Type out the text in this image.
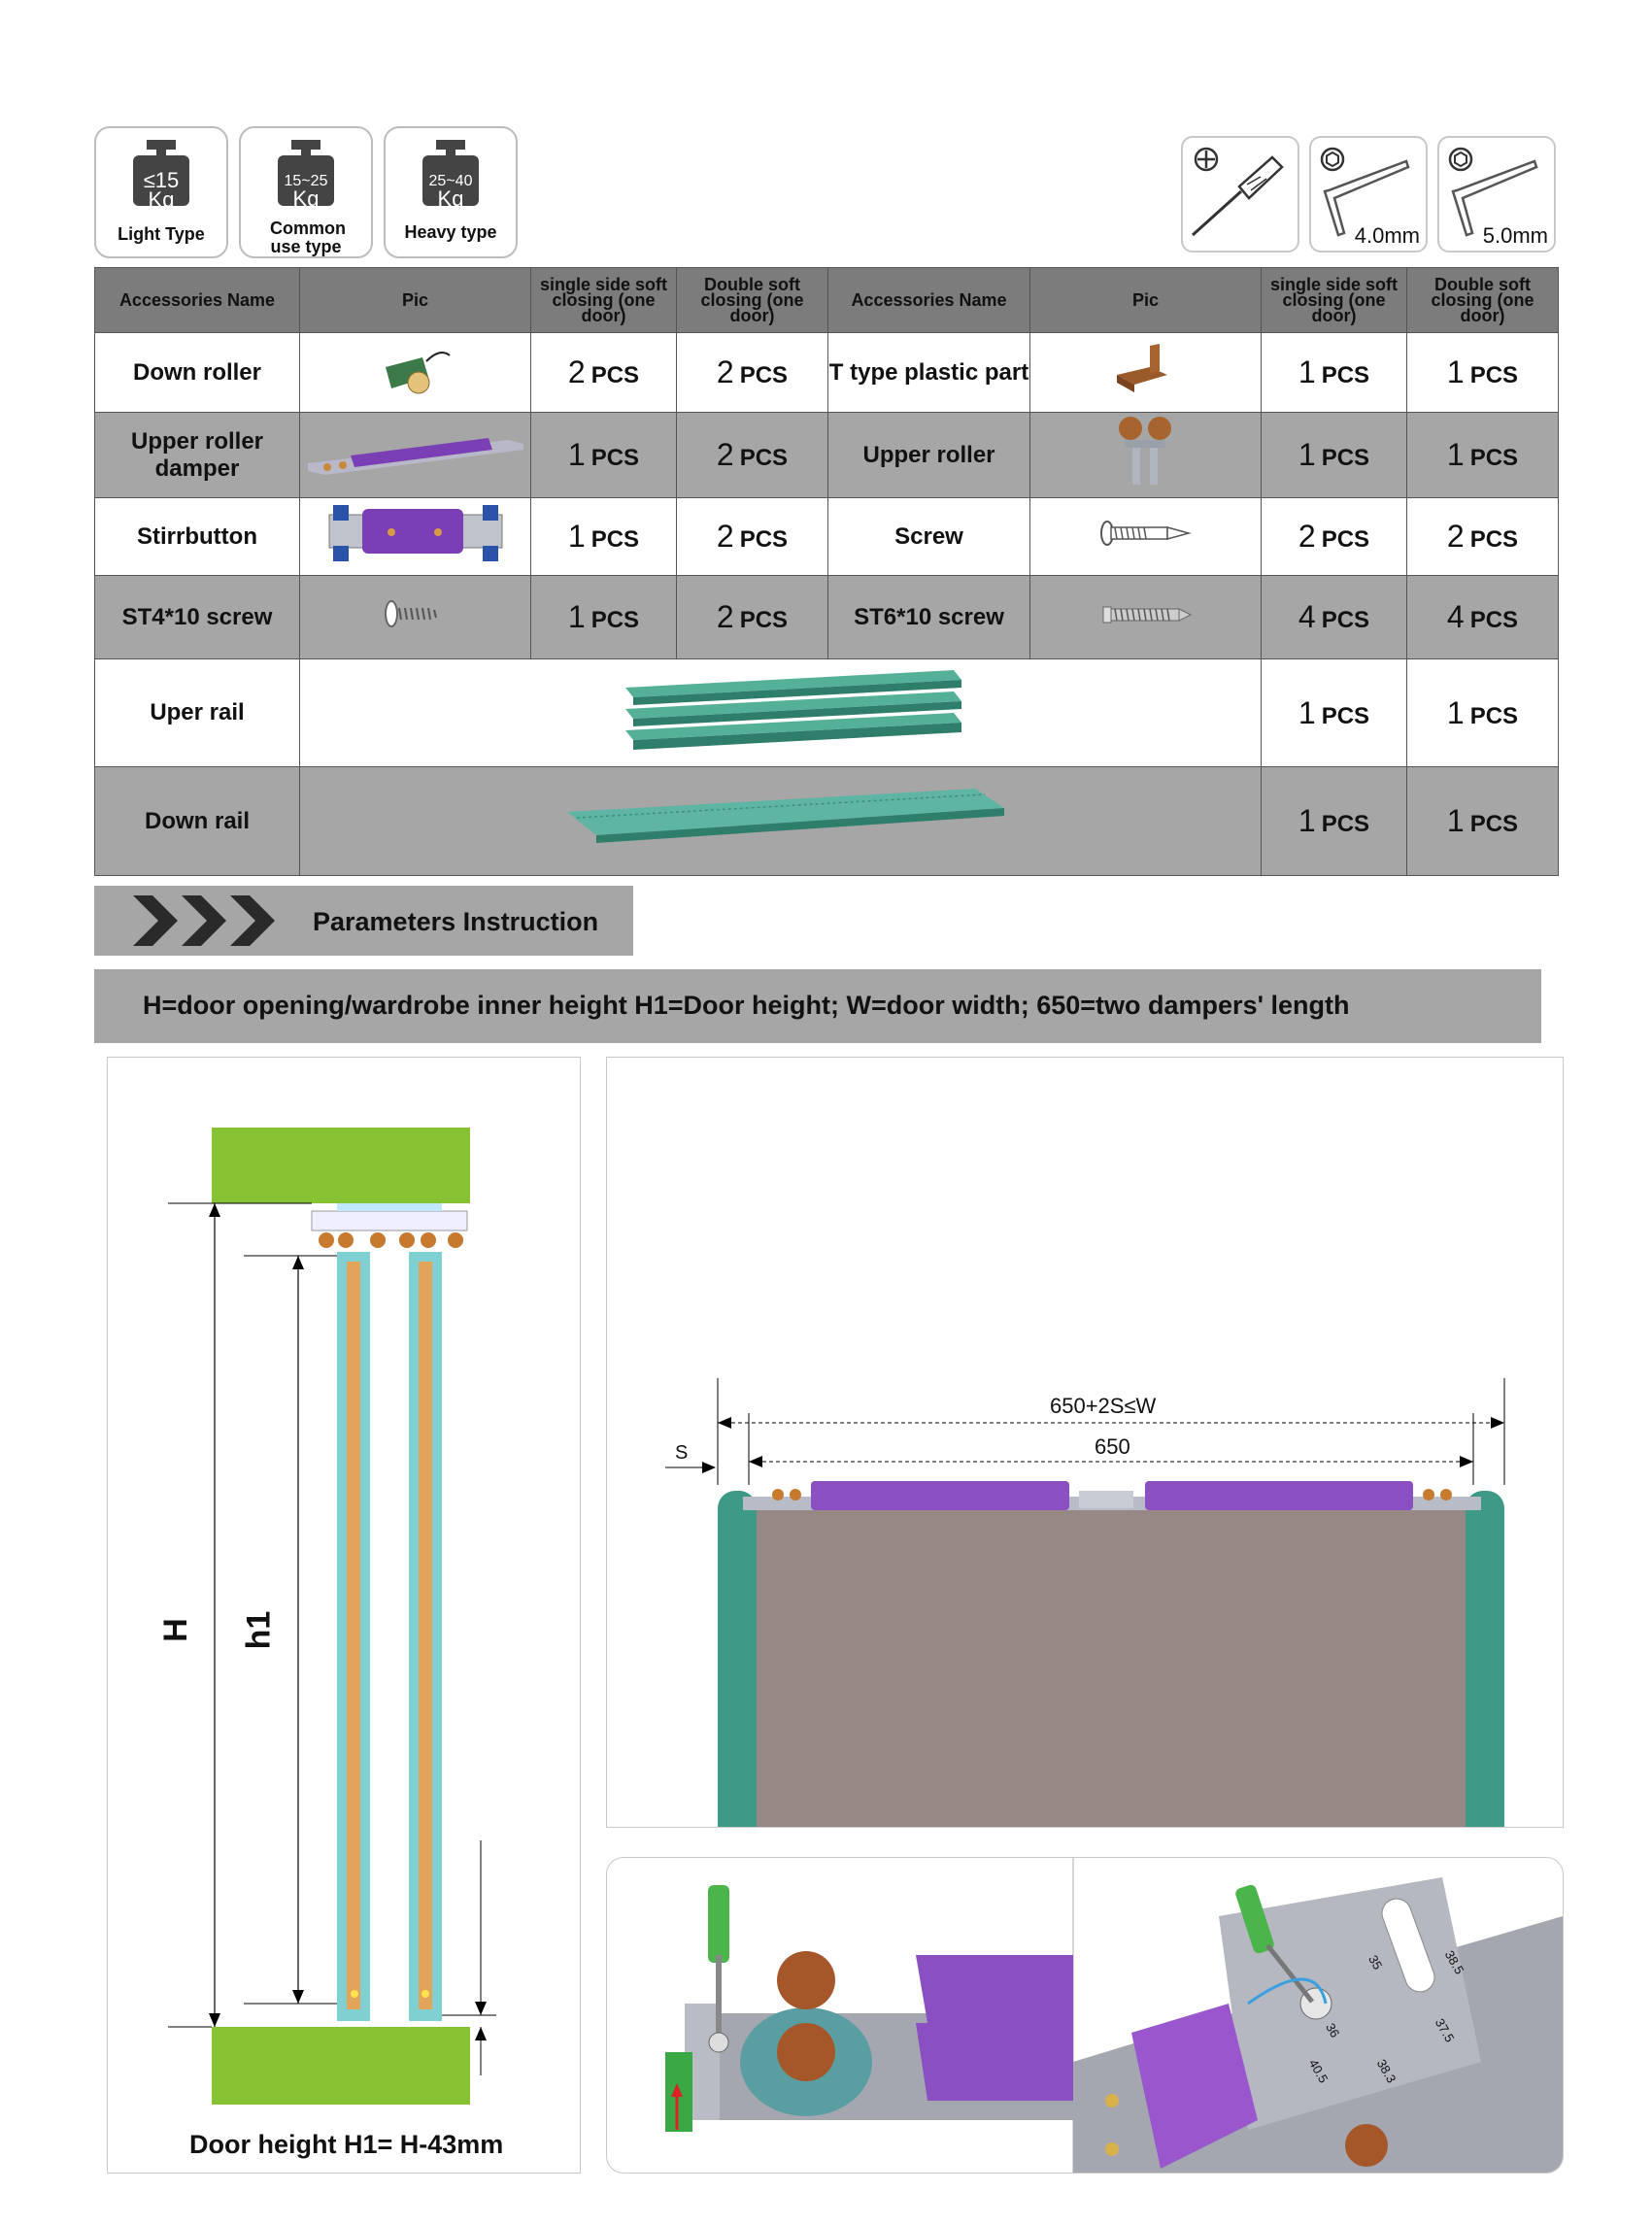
≤15
Kg
Light Type
15~25
Kg
Common use type
25~40
Kg
Heavy type	4.0mm	5.0mm
Accessories Name	Pic	single side soft closing (one door)	Double soft closing (one door)	Accessories Name	Pic	single side soft closing (one door)	Double soft closing (one door)
Down roller		2 PCS	2 PCS	T type plastic part		1 PCS	1 PCS
Upper roller damper		1 PCS	2 PCS	Upper roller		1 PCS	1 PCS
Stirrbutton		1 PCS	2 PCS	Screw		2 PCS	2 PCS
ST4*10 screw		1 PCS	2 PCS	ST6*10 screw		4 PCS	4 PCS
Uper rail						1 PCS	1 PCS
Down rail						1 PCS	1 PCS
Parameters Instruction
H=door opening/wardrobe inner height H1=Door height; W=door width; 650=two dampers' length
H h1
Door height H1= H-43mm
650+2S≤W
650
S
35	38.5
36	37.5
40.5	38.3
